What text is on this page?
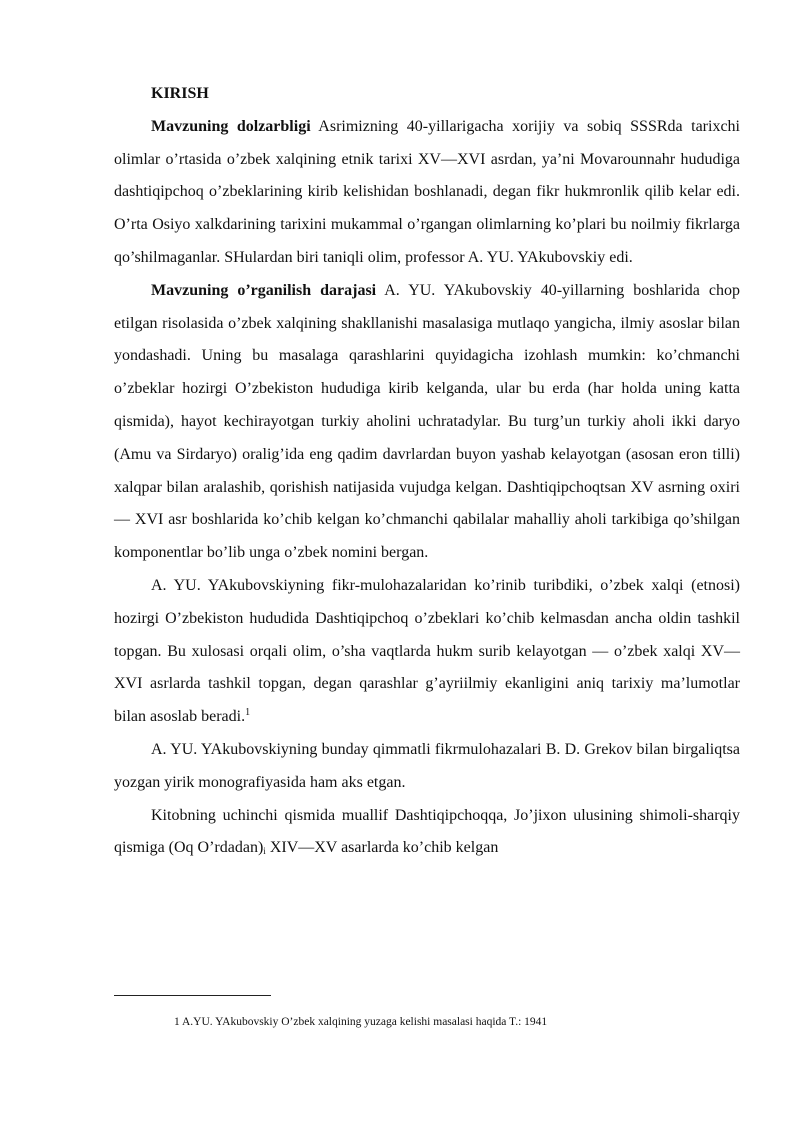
KIRISH

Mavzuning dolzarbligi Asrimizning 40-yillarigacha xorijiy va sobiq SSSRda tarixchi olimlar o’rtasida o’zbek xalqining etnik tarixi XV—XVI asrdan, ya’ni Movarounnahr hududiga dashtiqipchoq o’zbeklarining kirib kelishidan boshlanadi, degan fikr hukmronlik qilib kelar edi. O’rta Osiyo xalkdarining tarixini mukammal o’rgangan olimlarning ko’plari bu noilmiy fikrlarga qo’shilmaganlar. SHulardan biri taniqli olim, professor A. YU. YAkubovskiy edi.

Mavzuning o’rganilish darajasi A. YU. YAkubovskiy 40-yillarning boshlarida chop etilgan risolasida o’zbek xalqining shakllanishi masalasiga mutlaqo yangicha, ilmiy asoslar bilan yondashadi. Uning bu masalaga qarashlarini quyidagicha izohlash mumkin: ko’chmanchi o’zbeklar hozirgi O’zbekiston hududiga kirib kelganda, ular bu erda (har holda uning katta qismida), hayot kechirayotgan turkiy aholini uchratadylar. Bu turg’un turkiy aholi ikki daryo (Amu va Sirdaryo) oralig’ida eng qadim davrlardan buyon yashab kelayotgan (asosan eron tilli) xalqpar bilan aralashib, qorishish natijasida vujudga kelgan. Dashtiqipchoqtsan XV asrning oxiri — XVI asr boshlarida ko’chib kelgan ko’chmanchi qabilalar mahalliy aholi tarkibiga qo’shilgan komponentlar bo’lib unga o’zbek nomini bergan.

A. YU. YAkubovskiyning fikr-mulohazalaridan ko’rinib turibdiki, o’zbek xalqi (etnosi) hozirgi O’zbekiston hududida Dashtiqipchoq o’zbeklari ko’chib kelmasdan ancha oldin tashkil topgan. Bu xulosasi orqali olim, o’sha vaqtlarda hukm surib kelayotgan — o’zbek xalqi XV—XVI asrlarda tashkil topgan, degan qarashlar g’ayriilmiy ekanligini aniq tarixiy ma’lumotlar bilan asoslab beradi.$^1$

A. YU. YAkubovskiyning bunday qimmatli fikrmulohazalari B. D. Grekov bilan birgaliqtsa yozgan yirik monografiyasida ham aks etgan.

Kitobning uchinchi qismida muallif Dashtiqipchoqqa, Jo’jixon ulusining shimoli-sharqiy qismiga (Oq $O’rdadan)_i$ XIV—XV asarlarda ko’chib kelgan

1 A.YU. YAkubovskiy O’zbek xalqining yuzaga kelishi masalasi haqida T.: 1941
